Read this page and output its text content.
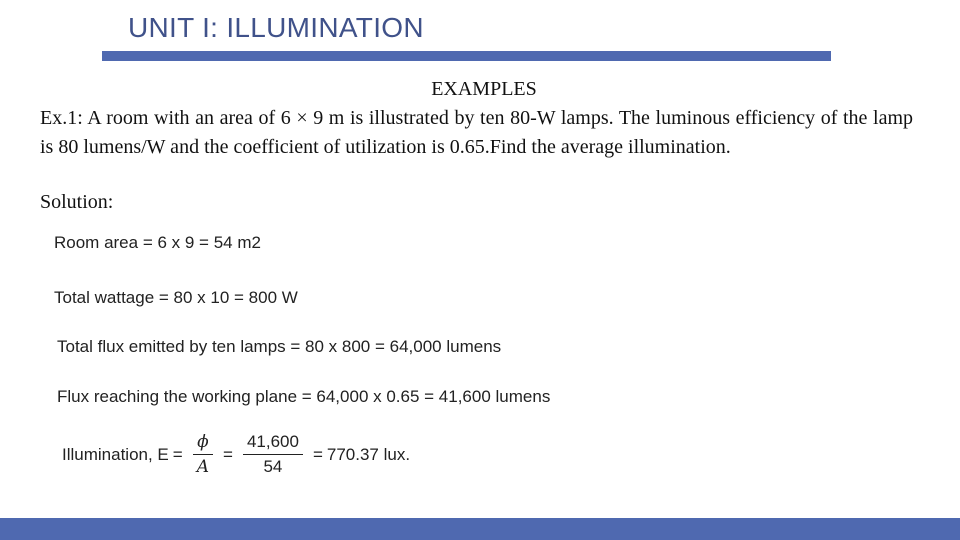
UNIT I: ILLUMINATION
EXAMPLES
Ex.1: A room with an area of 6 × 9 m is illustrated by ten 80-W lamps. The luminous efficiency of the lamp is 80 lumens/W and the coefficient of utilization is 0.65.Find the average illumination.
Solution:
Room area = 6 x 9 = 54 m2
Total wattage = 80 x 10 = 800 W
Total flux emitted by ten lamps = 80 x 800 = 64,000 lumens
Flux reaching the working plane = 64,000 x 0.65 = 41,600 lumens
Illumination, $E = \frac{\phi}{A} = \frac{41,600}{54} = 770.37$ lux.
